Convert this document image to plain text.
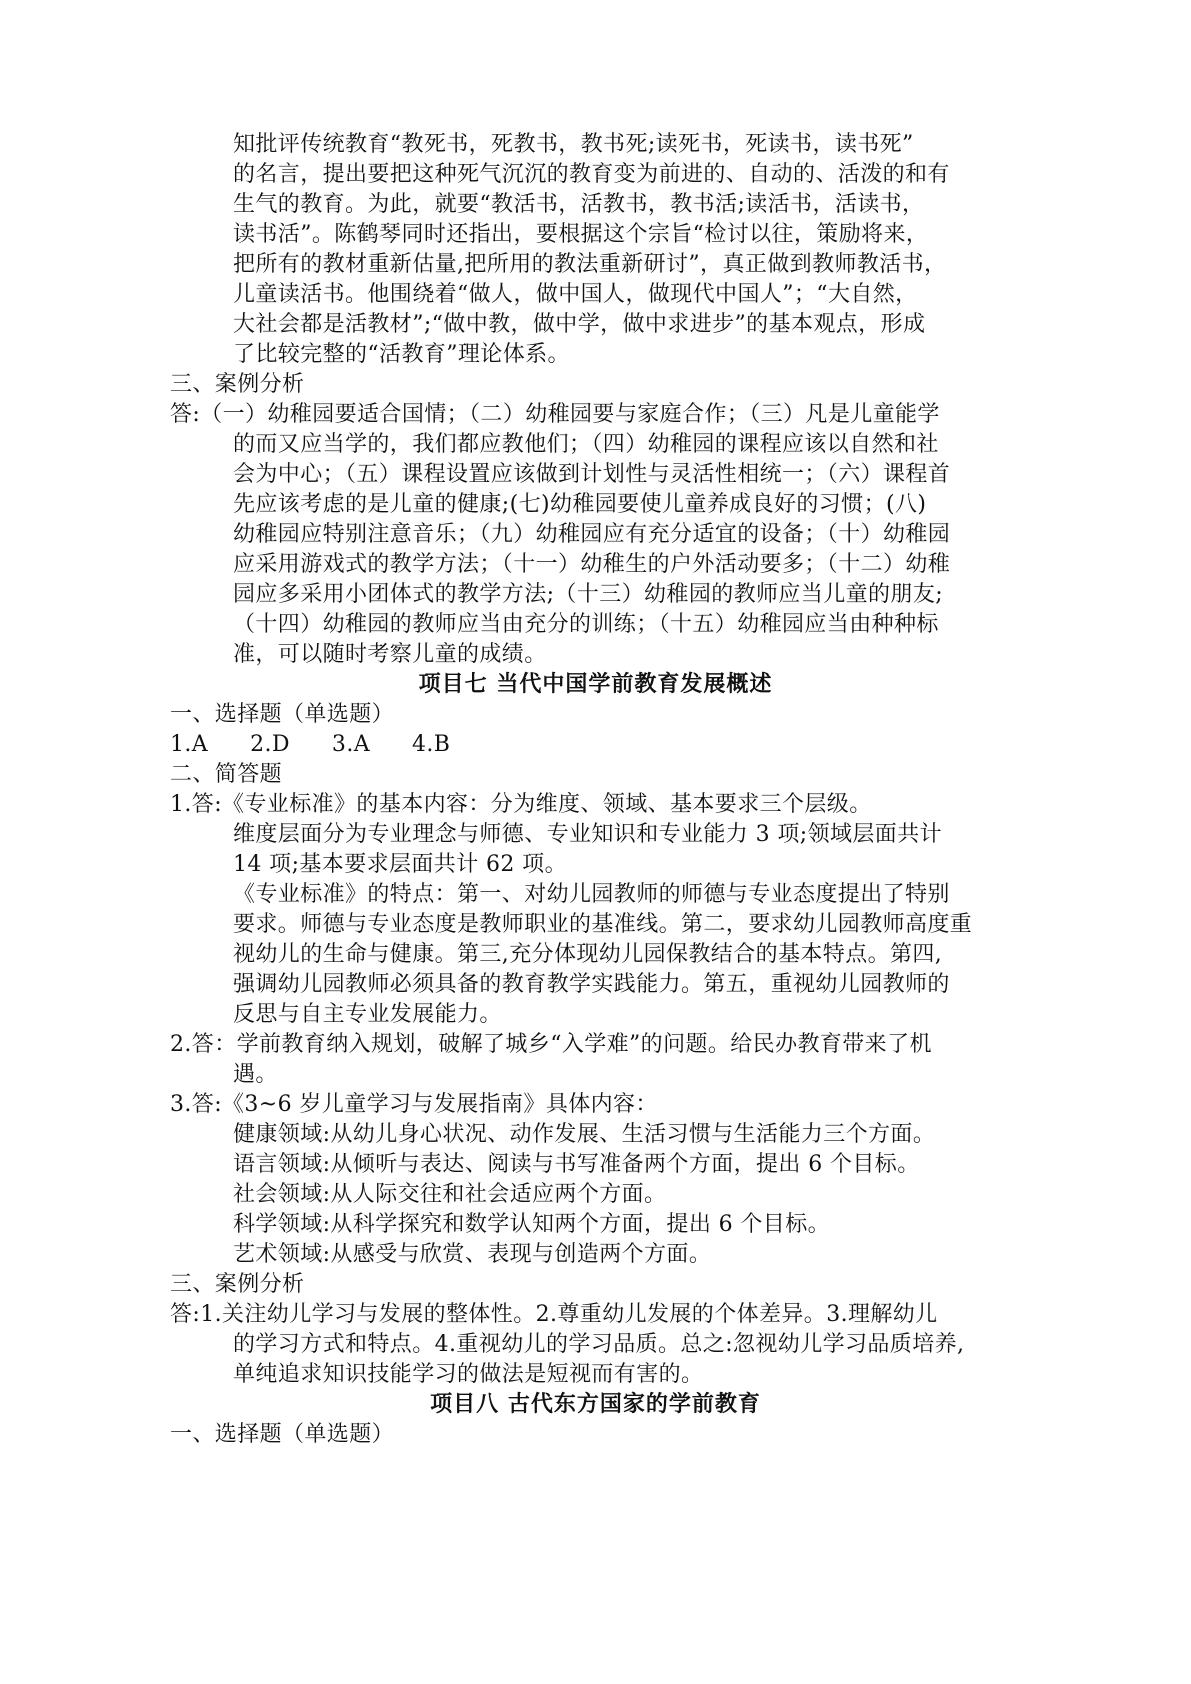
知批评传统教育“教死书，死教书，教书死;读死书，死读书，读书死”
的名言，提出要把这种死气沉沉的教育变为前进的、自动的、活泼的和有
生气的教育。为此，就要“教活书，活教书，教书活;读活书，活读书，
读书活”。陈鹤琴同时还指出，要根据这个宗旨“检讨以往，策励将来，
把所有的教材重新估量,把所用的教法重新研讨”，真正做到教师教活书，
儿童读活书。他围绕着“做人，做中国人，做现代中国人”；“大自然，
大社会都是活教材”;“做中教，做中学，做中求进步”的基本观点，形成
了比较完整的“活教育”理论体系。
三、案例分析
答:（一）幼稚园要适合国情；（二）幼稚园要与家庭合作；（三）凡是儿童能学
的而又应当学的，我们都应教他们；（四）幼稚园的课程应该以自然和社
会为中心；（五）课程设置应该做到计划性与灵活性相统一；（六）课程首
先应该考虑的是儿童的健康;(七)幼稚园要使儿童养成良好的习惯；(八)
幼稚园应特别注意音乐；（九）幼稚园应有充分适宜的设备；（十）幼稚园
应采用游戏式的教学方法；（十一）幼稚生的户外活动要多；（十二）幼稚
园应多采用小团体式的教学方法;（十三）幼稚园的教师应当儿童的朋友;
（十四）幼稚园的教师应当由充分的训练；（十五）幼稚园应当由种种标
准，可以随时考察儿童的成绩。
项目七 当代中国学前教育发展概述
一、选择题（单选题）
1.A 2.D 3.A 4.B
二、简答题
1.答:《专业标准》的基本内容：分为维度、领域、基本要求三个层级。
维度层面分为专业理念与师德、专业知识和专业能力 3 项;领域层面共计
14 项;基本要求层面共计 62 项。
《专业标准》的特点：第一、对幼儿园教师的师德与专业态度提出了特别
要求。师德与专业态度是教师职业的基准线。第二，要求幼儿园教师高度重
视幼儿的生命与健康。第三,充分体现幼儿园保教结合的基本特点。第四,
强调幼儿园教师必须具备的教育教学实践能力。第五，重视幼儿园教师的
反思与自主专业发展能力。
2.答：学前教育纳入规划，破解了城乡“入学难”的问题。给民办教育带来了机
遇。
3.答:《3~6 岁儿童学习与发展指南》具体内容：
健康领域:从幼儿身心状况、动作发展、生活习惯与生活能力三个方面。
语言领域:从倾听与表达、阅读与书写准备两个方面，提出 6 个目标。
社会领域:从人际交往和社会适应两个方面。
科学领域:从科学探究和数学认知两个方面，提出 6 个目标。
艺术领域:从感受与欣赏、表现与创造两个方面。
三、案例分析
答:1.关注幼儿学习与发展的整体性。2.尊重幼儿发展的个体差异。3.理解幼儿
的学习方式和特点。4.重视幼儿的学习品质。总之:忽视幼儿学习品质培养,
单纯追求知识技能学习的做法是短视而有害的。
项目八 古代东方国家的学前教育
一、选择题（单选题）
